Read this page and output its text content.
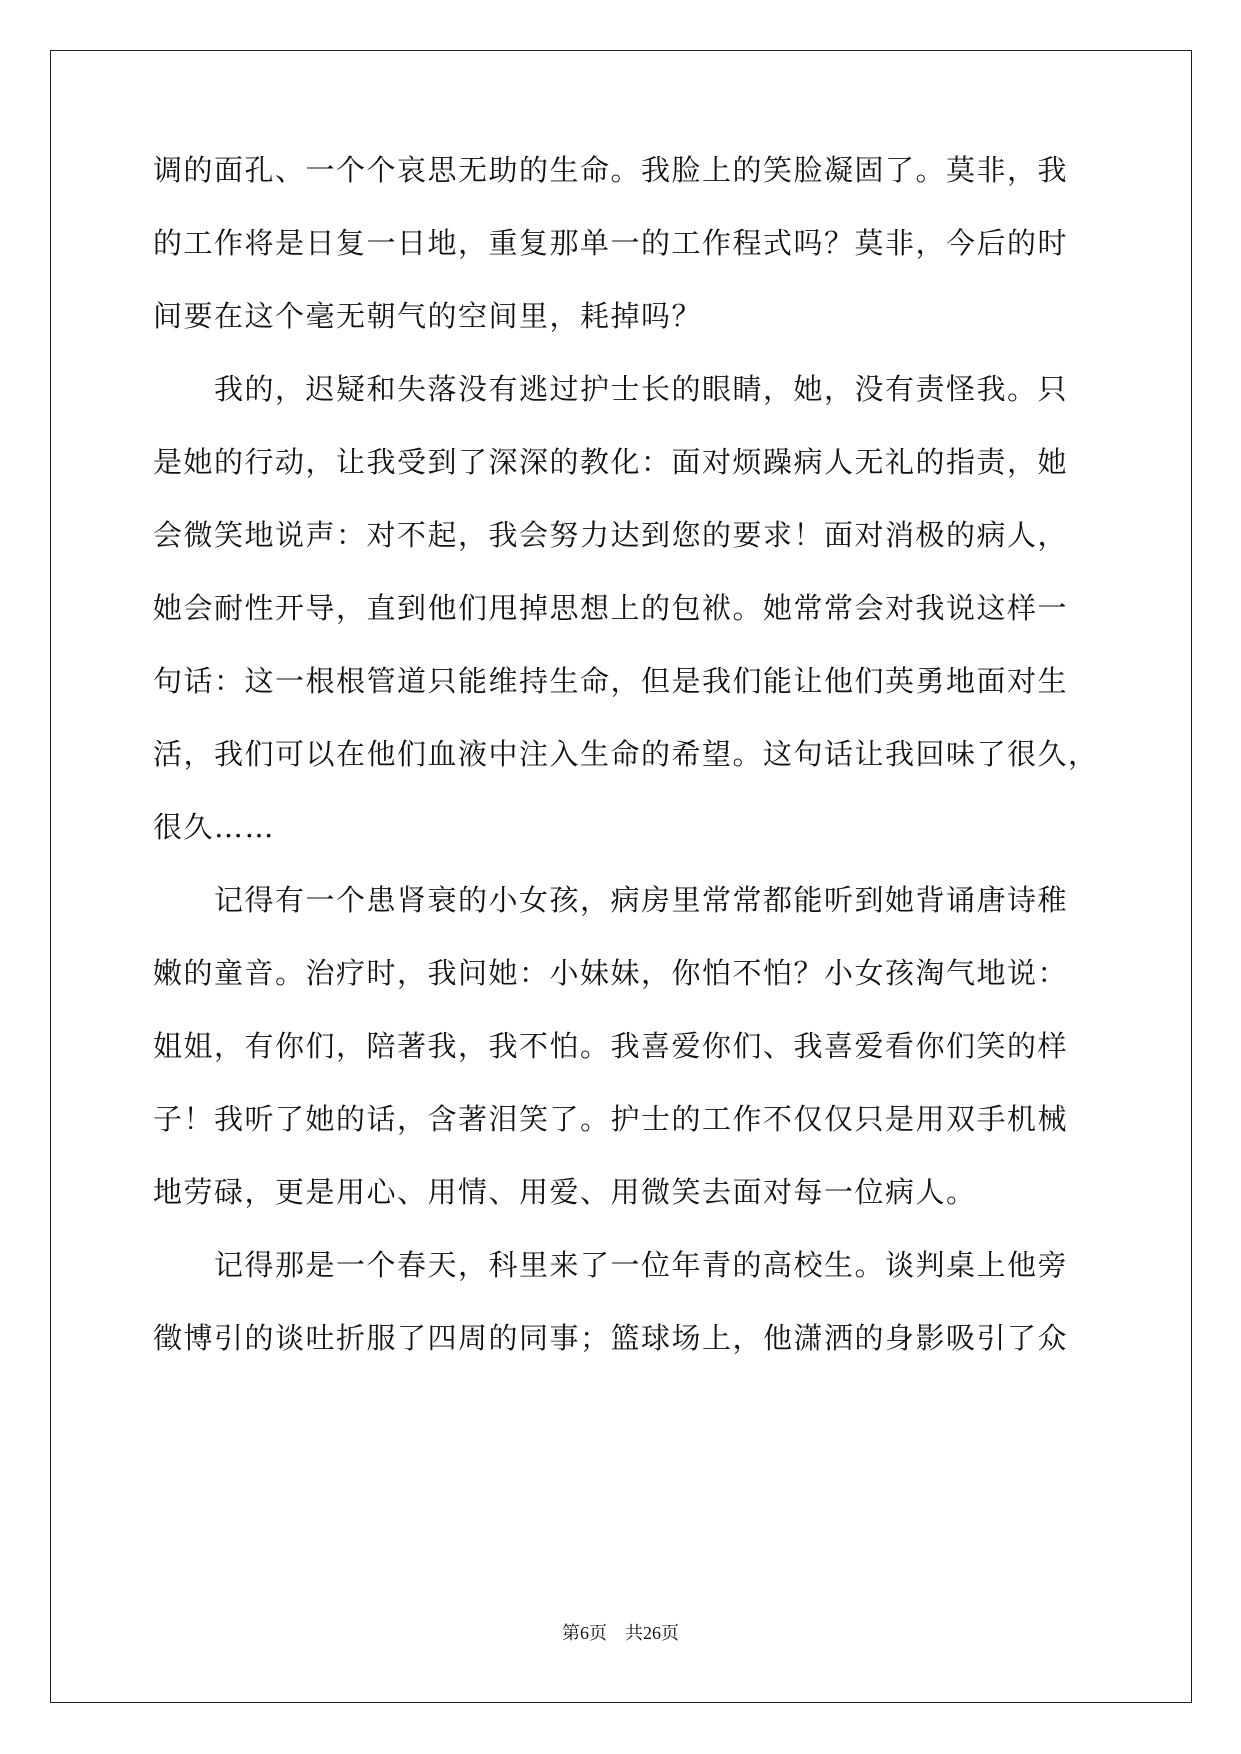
调的面孔、一个个哀思无助的生命。我脸上的笑脸凝固了。莫非，我
的工作将是日复一日地，重复那单一的工作程式吗？莫非，今后的时
间要在这个毫无朝气的空间里，耗掉吗？
　　我的，迟疑和失落没有逃过护士长的眼睛，她，没有责怪我。只
是她的行动，让我受到了深深的教化：面对烦躁病人无礼的指责，她
会微笑地说声：对不起，我会努力达到您的要求！面对消极的病人，
她会耐性开导，直到他们甩掉思想上的包袱。她常常会对我说这样一
句话：这一根根管道只能维持生命，但是我们能让他们英勇地面对生
活，我们可以在他们血液中注入生命的希望。这句话让我回味了很久，
很久……
　　记得有一个患肾衰的小女孩，病房里常常都能听到她背诵唐诗稚
嫩的童音。治疗时，我问她：小妹妹，你怕不怕？小女孩淘气地说：
姐姐，有你们，陪著我，我不怕。我喜爱你们、我喜爱看你们笑的样
子！我听了她的话，含著泪笑了。护士的工作不仅仅只是用双手机械
地劳碌，更是用心、用情、用爱、用微笑去面对每一位病人。
　　记得那是一个春天，科里来了一位年青的高校生。谈判桌上他旁
徵博引的谈吐折服了四周的同事；篮球场上，他潇洒的身影吸引了众
第6页　 共26页
